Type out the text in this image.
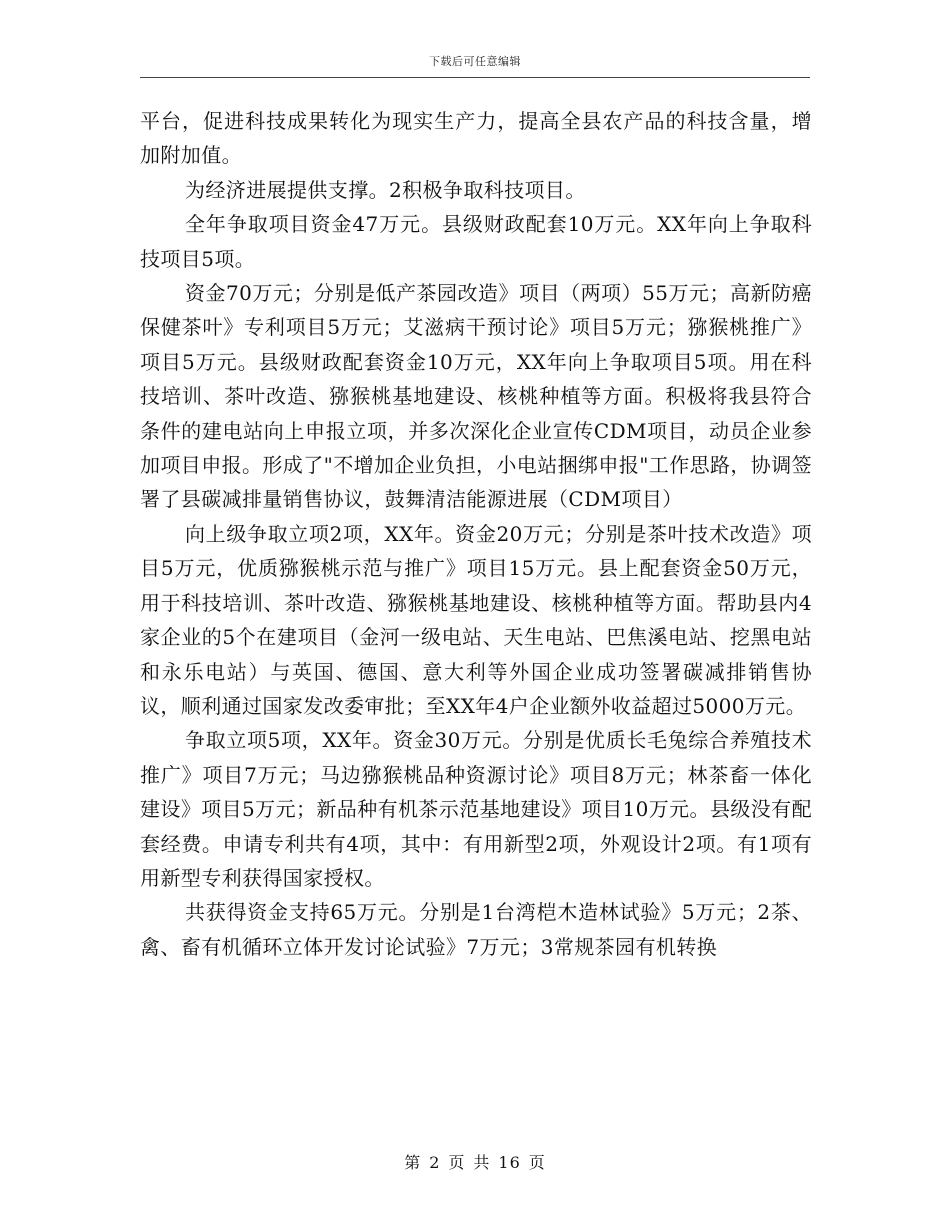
下载后可任意编辑

平台，促进科技成果转化为现实生产力，提高全县农产品的科技含量，增加附加值。

为经济进展提供支撑。2积极争取科技项目。

全年争取项目资金47万元。县级财政配套10万元。XX年向上争取科技项目5项。

资金70万元；分别是低产茶园改造》项目（两项）55万元；高新防癌保健茶叶》专利项目5万元；艾滋病干预讨论》项目5万元；猕猴桃推广》项目5万元。县级财政配套资金10万元，XX年向上争取项目5项。用在科技培训、茶叶改造、猕猴桃基地建设、核桃种植等方面。积极将我县符合条件的建电站向上申报立项，并多次深化企业宣传CDM项目，动员企业参加项目申报。形成了"不增加企业负担，小电站捆绑申报"工作思路，协调签署了县碳减排量销售协议，鼓舞清洁能源进展（CDM项目）

向上级争取立项2项，XX年。资金20万元；分别是茶叶技术改造》项目5万元，优质猕猴桃示范与推广》项目15万元。县上配套资金50万元，用于科技培训、茶叶改造、猕猴桃基地建设、核桃种植等方面。帮助县内4家企业的5个在建项目（金河一级电站、天生电站、巴焦溪电站、挖黑电站和永乐电站）与英国、德国、意大利等外国企业成功签署碳减排销售协议，顺利通过国家发改委审批；至XX年4户企业额外收益超过5000万元。

争取立项5项，XX年。资金30万元。分别是优质长毛兔综合养殖技术推广》项目7万元；马边猕猴桃品种资源讨论》项目8万元；林茶畜一体化建设》项目5万元；新品种有机茶示范基地建设》项目10万元。县级没有配套经费。申请专利共有4项，其中：有用新型2项，外观设计2项。有1项有用新型专利获得国家授权。

共获得资金支持65万元。分别是1台湾桤木造林试验》5万元；2茶、禽、畜有机循环立体开发讨论试验》7万元；3常规茶园有机转换

第 2 页 共 16 页
